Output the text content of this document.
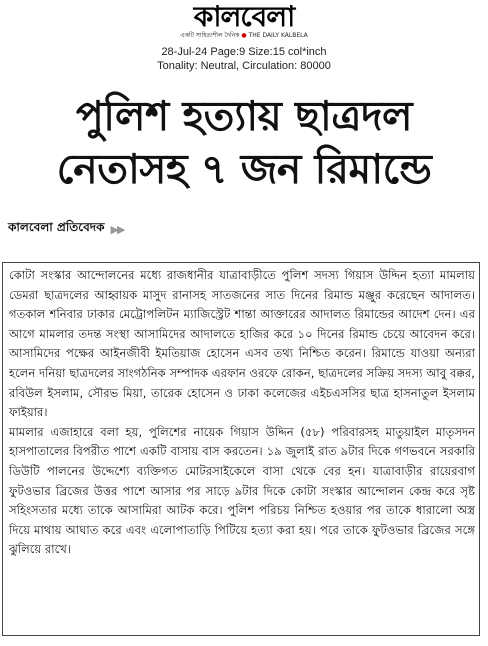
কালবেলা
একটি সাহিত্যশীল দৈনিক ● THE DAILY KALBELA
28-Jul-24 Page:9 Size:15 col*inch
Tonality: Neutral, Circulation: 80000
পুলিশ হত্যায় ছাত্রদল
নেতাসহ ৭ জন রিমান্ডে
কালবেলা প্রতিবেদক ▶▶

কোটা সংস্কার আন্দোলনের মধ্যে রাজধানীর যাত্রাবাড়ীতে পুলিশ সদস্য গিয়াস উদ্দিন হত্যা মামলায় ডেমরা ছাত্রদলের আহ্বায়ক মাসুদ রানাসহ সাতজনের সাত দিনের রিমান্ড মঞ্জুর করেছেন আদালত। গতকাল শনিবার ঢাকার মেট্রোপলিটন ম্যাজিস্ট্রেট শান্তা আক্তারের আদালত রিমান্ডের আদেশ দেন। এর আগে মামলার তদন্ত সংস্থা আসামিদের আদালতে হাজির করে ১০ দিনের রিমান্ড চেয়ে আবেদন করে। আসামিদের পক্ষের আইনজীবী ইমতিয়াজ হোসেন এসব তথ্য নিশ্চিত করেন। রিমান্ডে যাওয়া অন্যরা হলেন দনিয়া ছাত্রদলের সাংগঠনিক সম্পাদক এরফান ওরফে রোকন, ছাত্রদলের সক্রিয় সদস্য আবু বক্কর, রবিউল ইসলাম, সৌরভ মিয়া, তারেক হোসেন ও ঢাকা কলেজের এইচএসসির ছাত্র হাসনাতুল ইসলাম ফাইয়ার।

মামলার এজাহারে বলা হয়, পুলিশের নায়েক গিয়াস উদ্দিন (৫৮) পরিবারসহ মাতুয়াইল মাতৃসদন হাসপাতালের বিপরীত পাশে একটি বাসায় বাস করতেন। ১৯ জুলাই রাত ৯টার দিকে গণভবনে সরকারি ডিউটি পালনের উদ্দেশ্যে ব্যক্তিগত মোটরসাইকেলে বাসা থেকে বের হন। যাত্রাবাড়ীর রায়েরবাগ ফুটওভার ব্রিজের উত্তর পাশে আসার পর সাড়ে ৯টার দিকে কোটা সংস্কার আন্দোলন কেন্দ্র করে সৃষ্ট সহিংসতার মধ্যে তাকে আসামিরা আটক করে। পুলিশ পরিচয় নিশ্চিত হওয়ার পর তাকে ধারালো অস্ত্র দিয়ে মাথায় আঘাত করে এবং এলোপাতাড়ি পিটিয়ে হত্যা করা হয়। পরে তাকে ফুটওভার ব্রিজের সঙ্গে ঝুলিয়ে রাখে।
